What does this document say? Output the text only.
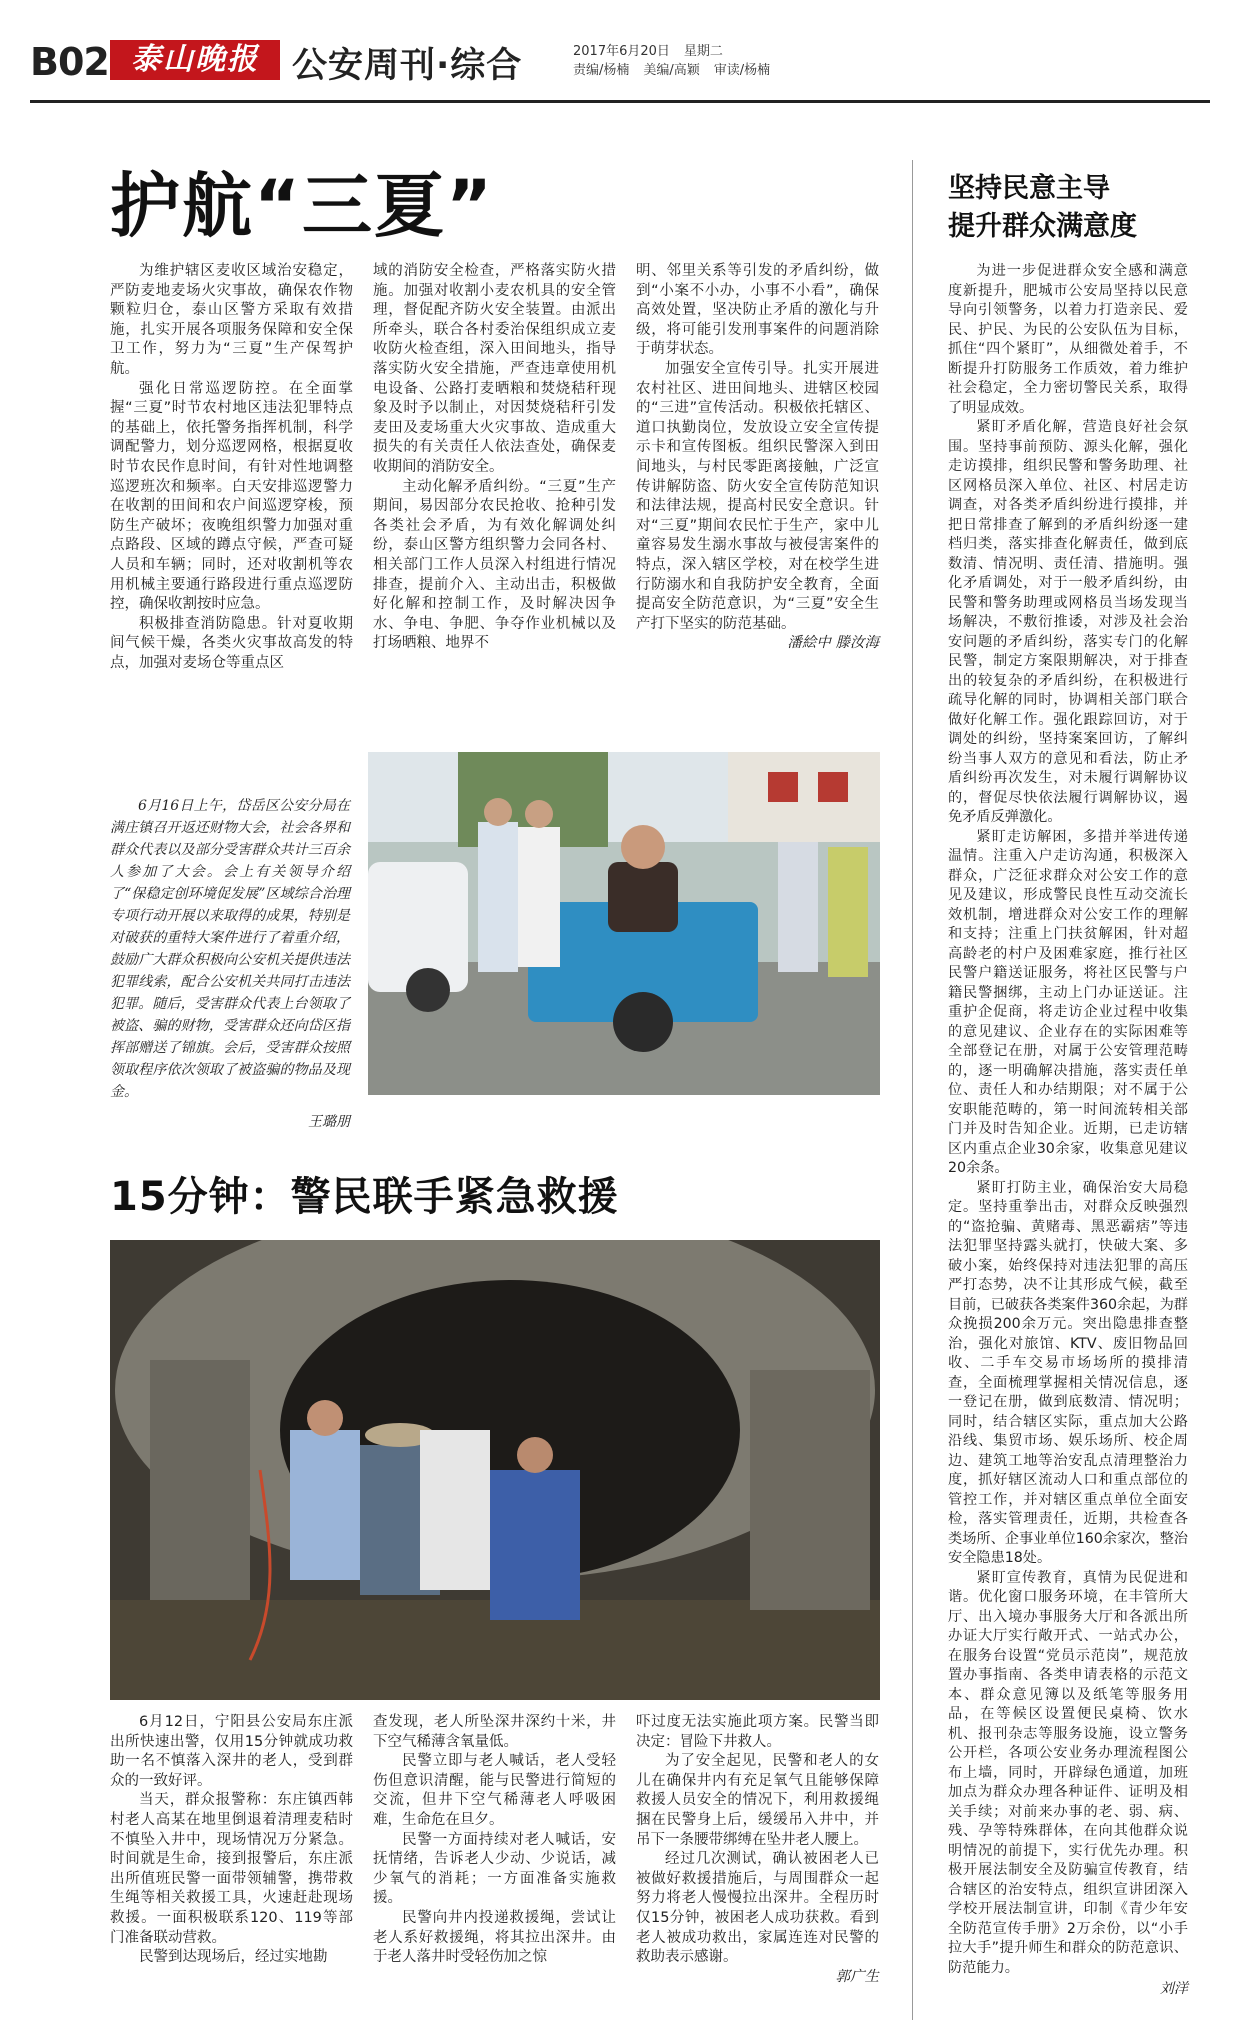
B02 泰山晚报 公安周刊·综合	2017年6月20日 星期二
责编/杨楠 美编/高颖 审读/杨楠
护航“三夏”	坚持民意主导
提升群众满意度

为维护辖区麦收区域治安稳定，严防麦地麦场火灾事故，确保农作物颗粒归仓，泰山区警方采取有效措施，扎实开展各项服务保障和安全保卫工作，努力为“三夏”生产保驾护航。

强化日常巡逻防控。在全面掌握“三夏”时节农村地区违法犯罪特点的基础上，依托警务指挥机制，科学调配警力，划分巡逻网格，根据夏收时节农民作息时间，有针对性地调整巡逻班次和频率。白天安排巡逻警力在收割的田间和农户间巡逻穿梭，预防生产破坏；夜晚组织警力加强对重点路段、区域的蹲点守候，严查可疑人员和车辆；同时，还对收割机等农用机械主要通行路段进行重点巡逻防控，确保收割按时应急。

积极排查消防隐患。针对夏收期间气候干燥，各类火灾事故高发的特点，加强对麦场仓等重点区

域的消防安全检查，严格落实防火措施。加强对收割小麦农机具的安全管理，督促配齐防火安全装置。由派出所牵头，联合各村委治保组织成立麦收防火检查组，深入田间地头，指导落实防火安全措施，严查违章使用机电设备、公路打麦晒粮和焚烧秸秆现象及时予以制止，对因焚烧秸秆引发麦田及麦场重大火灾事故、造成重大损失的有关责任人依法查处，确保麦收期间的消防安全。

主动化解矛盾纠纷。“三夏”生产期间，易因部分农民抢收、抢种引发各类社会矛盾，为有效化解调处纠纷，泰山区警方组织警力会同各村、相关部门工作人员深入村组进行情况排查，提前介入、主动出击，积极做好化解和控制工作，及时解决因争水、争电、争肥、争夺作业机械以及打场晒粮、地界不

明、邻里关系等引发的矛盾纠纷，做到“小案不小办，小事不小看”，确保高效处置，坚决防止矛盾的激化与升级，将可能引发刑事案件的问题消除于萌芽状态。

加强安全宣传引导。扎实开展进农村社区、进田间地头、进辖区校园的“三进”宣传活动。积极依托辖区、道口执勤岗位，发放设立安全宣传提示卡和宣传图板。组织民警深入到田间地头，与村民零距离接触，广泛宣传讲解防盗、防火安全宣传防范知识和法律法规，提高村民安全意识。针对“三夏”期间农民忙于生产，家中儿童容易发生溺水事故与被侵害案件的特点，深入辖区学校，对在校学生进行防溺水和自我防护安全教育，全面提高安全防范意识，为“三夏”安全生产打下坚实的防范基础。

潘絵中 滕汝海

为进一步促进群众安全感和满意度新提升，肥城市公安局坚持以民意导向引领警务，以着力打造亲民、爱民、护民、为民的公安队伍为目标，抓住“四个紧盯”，从细微处着手，不断提升打防服务工作质效，着力维护社会稳定，全力密切警民关系，取得了明显成效。

紧盯矛盾化解，营造良好社会氛围。坚持事前预防、源头化解，强化走访摸排，组织民警和警务助理、社区网格员深入单位、社区、村居走访调查，对各类矛盾纠纷进行摸排，并把日常排查了解到的矛盾纠纷逐一建档归类，落实排查化解责任，做到底数清、情况明、责任清、措施明。强化矛盾调处，对于一般矛盾纠纷，由民警和警务助理或网格员当场发现当场解决，不敷衍推诿，对涉及社会治安问题的矛盾纠纷，落实专门的化解民警，制定方案限期解决，对于排查出的较复杂的矛盾纠纷，在积极进行疏导化解的同时，协调相关部门联合做好化解工作。强化跟踪回访，对于调处的纠纷，坚持案案回访，了解纠纷当事人双方的意见和看法，防止矛盾纠纷再次发生，对未履行调解协议的，督促尽快依法履行调解协议，遏免矛盾反弹激化。

紧盯走访解困，多措并举进传递温情。注重入户走访沟通，积极深入群众，广泛征求群众对公安工作的意见及建议，形成警民良性互动交流长效机制，增进群众对公安工作的理解和支持；注重上门扶贫解困，针对超高龄老的村户及困难家庭，推行社区民警户籍送证服务，将社区民警与户籍民警捆绑，主动上门办证送证。注重护企促商，将走访企业过程中收集的意见建议、企业存在的实际困难等全部登记在册，对属于公安管理范畴的，逐一明确解决措施，落实责任单位、责任人和办结期限；对不属于公安职能范畴的，第一时间流转相关部门并及时告知企业。近期，已走访辖区内重点企业30余家，收集意见建议20余条。

紧盯打防主业，确保治安大局稳定。坚持重拳出击，对群众反映强烈的“盗抢骗、黄赌毒、黑恶霸痞”等违法犯罪坚持露头就打，快破大案、多破小案，始终保持对违法犯罪的高压严打态势，决不让其形成气候，截至目前，已破获各类案件360余起，为群众挽损200余万元。突出隐患排查整治，强化对旅馆、KTV、废旧物品回收、二手车交易市场场所的摸排清查，全面梳理掌握相关情况信息，逐一登记在册，做到底数清、情况明；同时，结合辖区实际，重点加大公路沿线、集贸市场、娱乐场所、校企周边、建筑工地等治安乱点清理整治力度，抓好辖区流动人口和重点部位的管控工作，并对辖区重点单位全面安检，落实管理责任，近期，共检查各类场所、企事业单位160余家次，整治安全隐患18处。

紧盯宣传教育，真情为民促进和谐。优化窗口服务环境，在丰管所大厅、出入境办事服务大厅和各派出所办证大厅实行敞开式、一站式办公，在服务台设置“党员示范岗”，规范放置办事指南、各类申请表格的示范文本、群众意见簿以及纸笔等服务用品，在等候区设置便民桌椅、饮水机、报刊杂志等服务设施，设立警务公开栏，各项公安业务办理流程图公布上墙，同时，开辟绿色通道，加班加点为群众办理各种证件、证明及相关手续；对前来办事的老、弱、病、残、孕等特殊群体，在向其他群众说明情况的前提下，实行优先办理。积极开展法制安全及防骗宣传教育，结合辖区的治安特点，组织宣讲团深入学校开展法制宣讲，印制《青少年安全防范宣传手册》2万余份，以“小手拉大手”提升师生和群众的防范意识、防范能力。

刘洋

6月16日上午，岱岳区公安分局在满庄镇召开返还财物大会，社会各界和群众代表以及部分受害群众共计三百余人参加了大会。会上有关领导介绍了“保稳定创环境促发展”区域综合治理专项行动开展以来取得的成果，特别是对破获的重特大案件进行了着重介绍，鼓励广大群众积极向公安机关提供违法犯罪线索，配合公安机关共同打击违法犯罪。随后，受害群众代表上台领取了被盗、骗的财物，受害群众还向岱区指挥部赠送了锦旗。会后，受害群众按照领取程序依次领取了被盗骗的物品及现金。

王璐朋

15分钟：警民联手紧急救援

6月12日，宁阳县公安局东庄派出所快速出警，仅用15分钟就成功救助一名不慎落入深井的老人，受到群众的一致好评。

当天，群众报警称：东庄镇西韩村老人高某在地里倒退着清理麦秸时不慎坠入井中，现场情况万分紧急。时间就是生命，接到报警后，东庄派出所值班民警一面带领辅警，携带救生绳等相关救援工具，火速赶赴现场救援。一面积极联系120、119等部门准备联动营救。

民警到达现场后，经过实地勘

查发现，老人所坠深井深约十米，井下空气稀薄含氧量低。

民警立即与老人喊话，老人受轻伤但意识清醒，能与民警进行简短的交流，但井下空气稀薄老人呼吸困难，生命危在旦夕。

民警一方面持续对老人喊话，安抚情绪，告诉老人少动、少说话，减少氧气的消耗；一方面准备实施救援。

民警向井内投递救援绳，尝试让老人系好救援绳，将其拉出深井。由于老人落井时受轻伤加之惊

吓过度无法实施此项方案。民警当即决定：冒险下井救人。

为了安全起见，民警和老人的女儿在确保井内有充足氧气且能够保障救援人员安全的情况下，利用救援绳捆在民警身上后，缓缓吊入井中，并吊下一条腰带绑缚在坠井老人腰上。

经过几次测试，确认被困老人已被做好救援措施后，与周围群众一起努力将老人慢慢拉出深井。全程历时仅15分钟，被困老人成功获救。看到老人被成功救出，家属连连对民警的救助表示感谢。

郭广生
